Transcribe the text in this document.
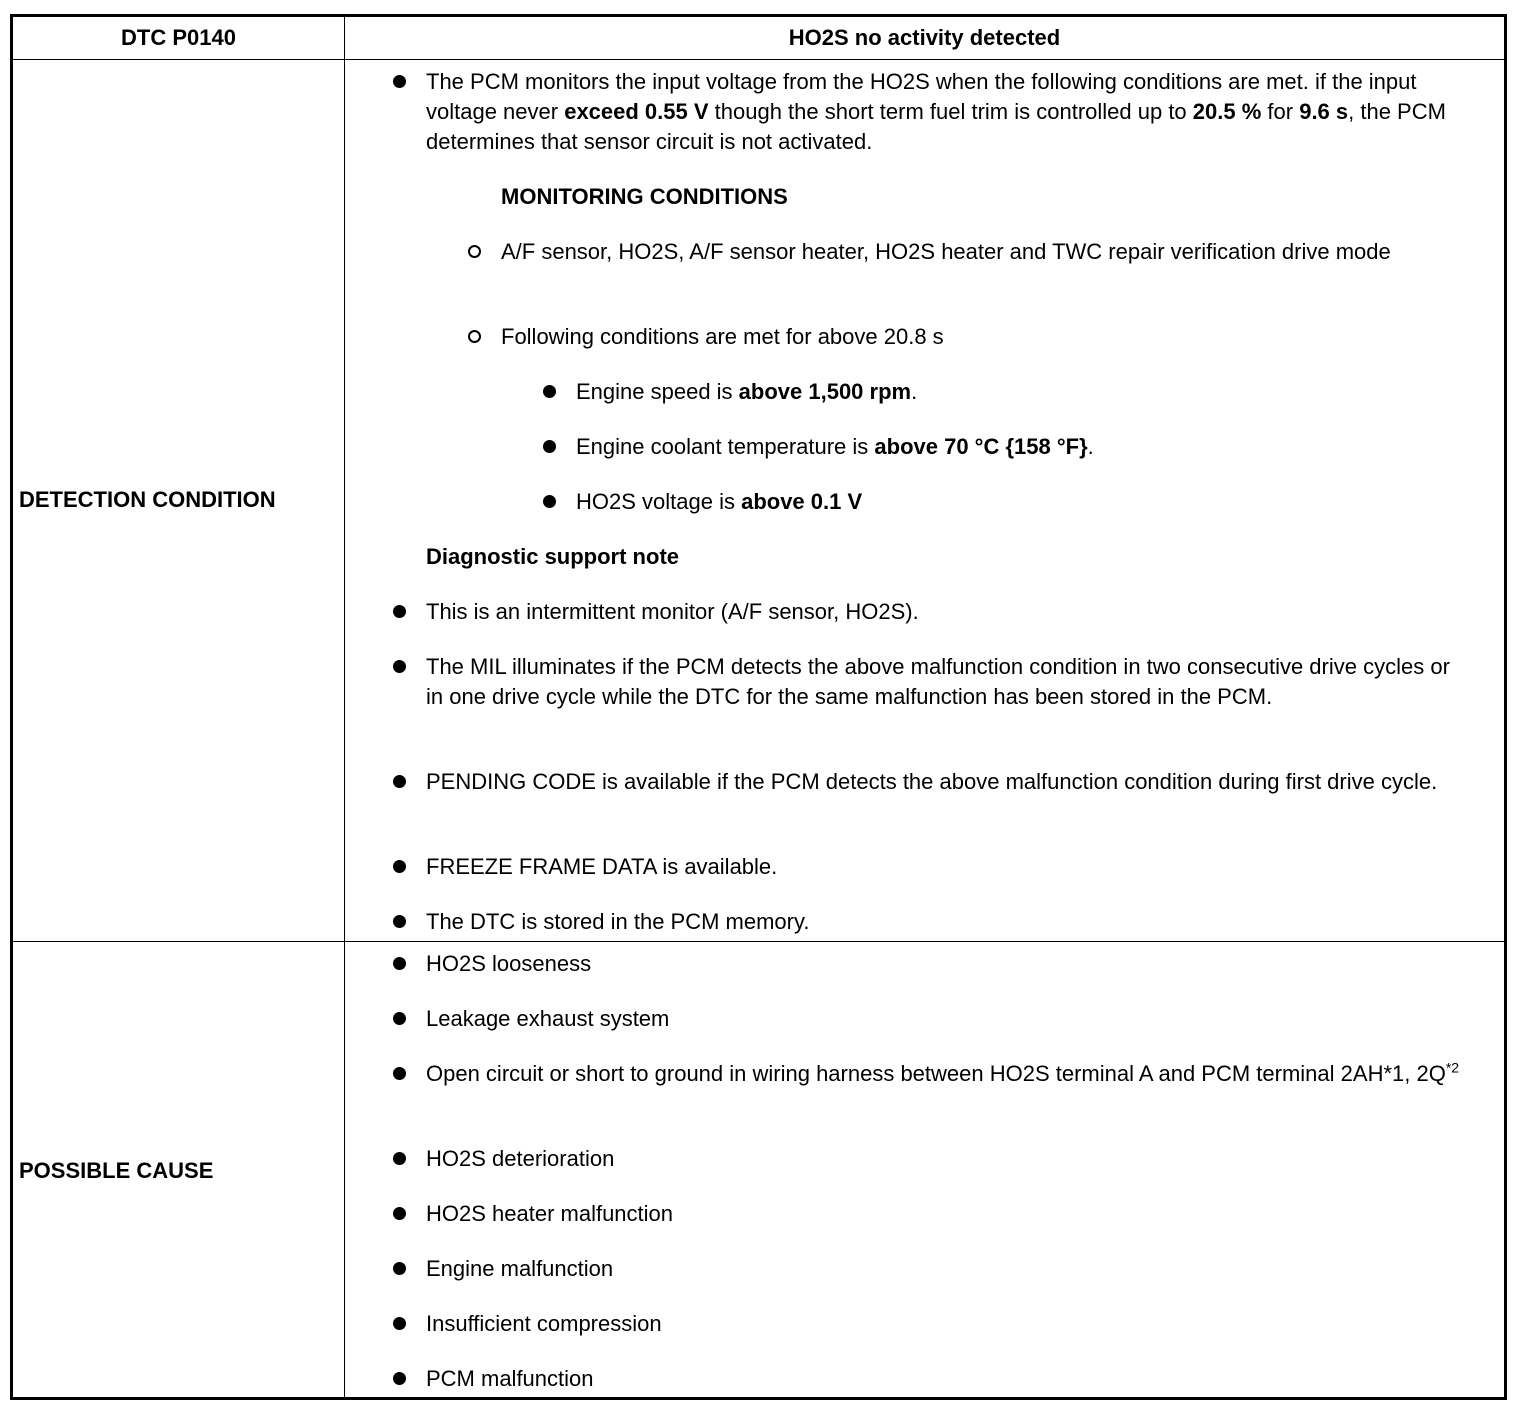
DTC P0140	HO2S no activity detected
DETECTION CONDITION
The PCM monitors the input voltage from the HO2S when the following conditions are met. if the input voltage never exceed 0.55 V though the short term fuel trim is controlled up to 20.5 % for 9.6 s, the PCM determines that sensor circuit is not activated.
MONITORING CONDITIONS
A/F sensor, HO2S, A/F sensor heater, HO2S heater and TWC repair verification drive mode
Following conditions are met for above 20.8 s
Engine speed is above 1,500 rpm.
Engine coolant temperature is above 70 °C {158 °F}.
HO2S voltage is above 0.1 V
Diagnostic support note
This is an intermittent monitor (A/F sensor, HO2S).
The MIL illuminates if the PCM detects the above malfunction condition in two consecutive drive cycles or in one drive cycle while the DTC for the same malfunction has been stored in the PCM.
PENDING CODE is available if the PCM detects the above malfunction condition during first drive cycle.
FREEZE FRAME DATA is available.
The DTC is stored in the PCM memory.
POSSIBLE CAUSE
HO2S looseness
Leakage exhaust system
Open circuit or short to ground in wiring harness between HO2S terminal A and PCM terminal 2AH*1, $2Q^{*2}$
HO2S deterioration
HO2S heater malfunction
Engine malfunction
Insufficient compression
PCM malfunction
